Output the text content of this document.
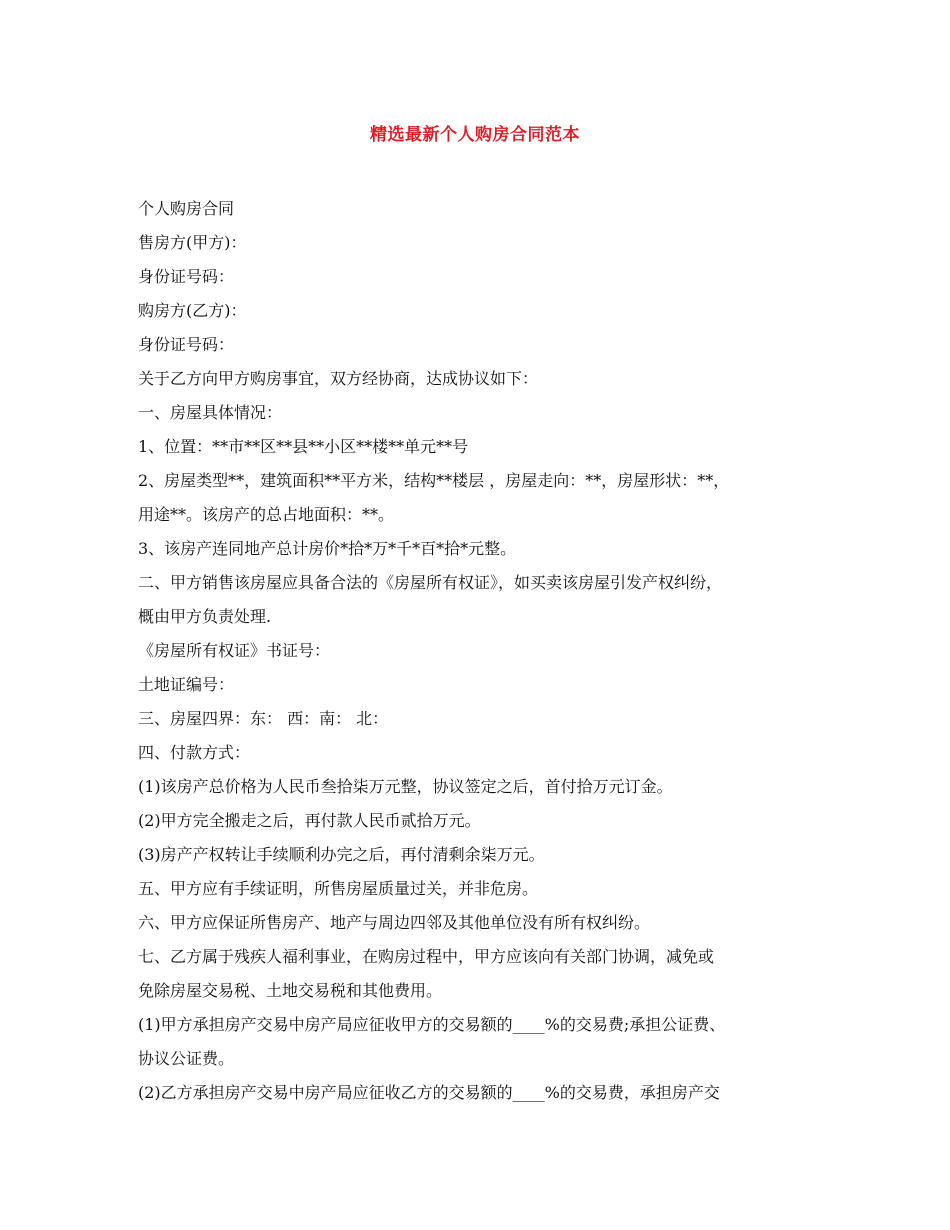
精选最新个人购房合同范本
个人购房合同
售房方(甲方)：
身份证号码：
购房方(乙方)：
身份证号码：
关于乙方向甲方购房事宜，双方经协商，达成协议如下：
一、房屋具体情况：
1、位置：**市**区**县**小区**楼**单元**号
2、房屋类型**，建筑面积**平方米，结构**楼层 ，房屋走向：**，房屋形状：**，
用途**。该房产的总占地面积：**。
3、该房产连同地产总计房价*拾*万*千*百*拾*元整。
二、甲方销售该房屋应具备合法的《房屋所有权证》，如买卖该房屋引发产权纠纷，
概由甲方负责处理.
《房屋所有权证》书证号：
土地证编号：
三、房屋四界：东： 西：南： 北：
四、付款方式：
(1)该房产总价格为人民币叁拾柒万元整，协议签定之后，首付拾万元订金。
(2)甲方完全搬走之后，再付款人民币贰拾万元。
(3)房产产权转让手续顺利办完之后，再付清剩余柒万元。
五、甲方应有手续证明，所售房屋质量过关，并非危房。
六、甲方应保证所售房产、地产与周边四邻及其他单位没有所有权纠纷。
七、乙方属于残疾人福利事业，在购房过程中，甲方应该向有关部门协调，减免或
免除房屋交易税、土地交易税和其他费用。
(1)甲方承担房产交易中房产局应征收甲方的交易额的____%的交易费;承担公证费、
协议公证费。
(2)乙方承担房产交易中房产局应征收乙方的交易额的____%的交易费，承担房产交
